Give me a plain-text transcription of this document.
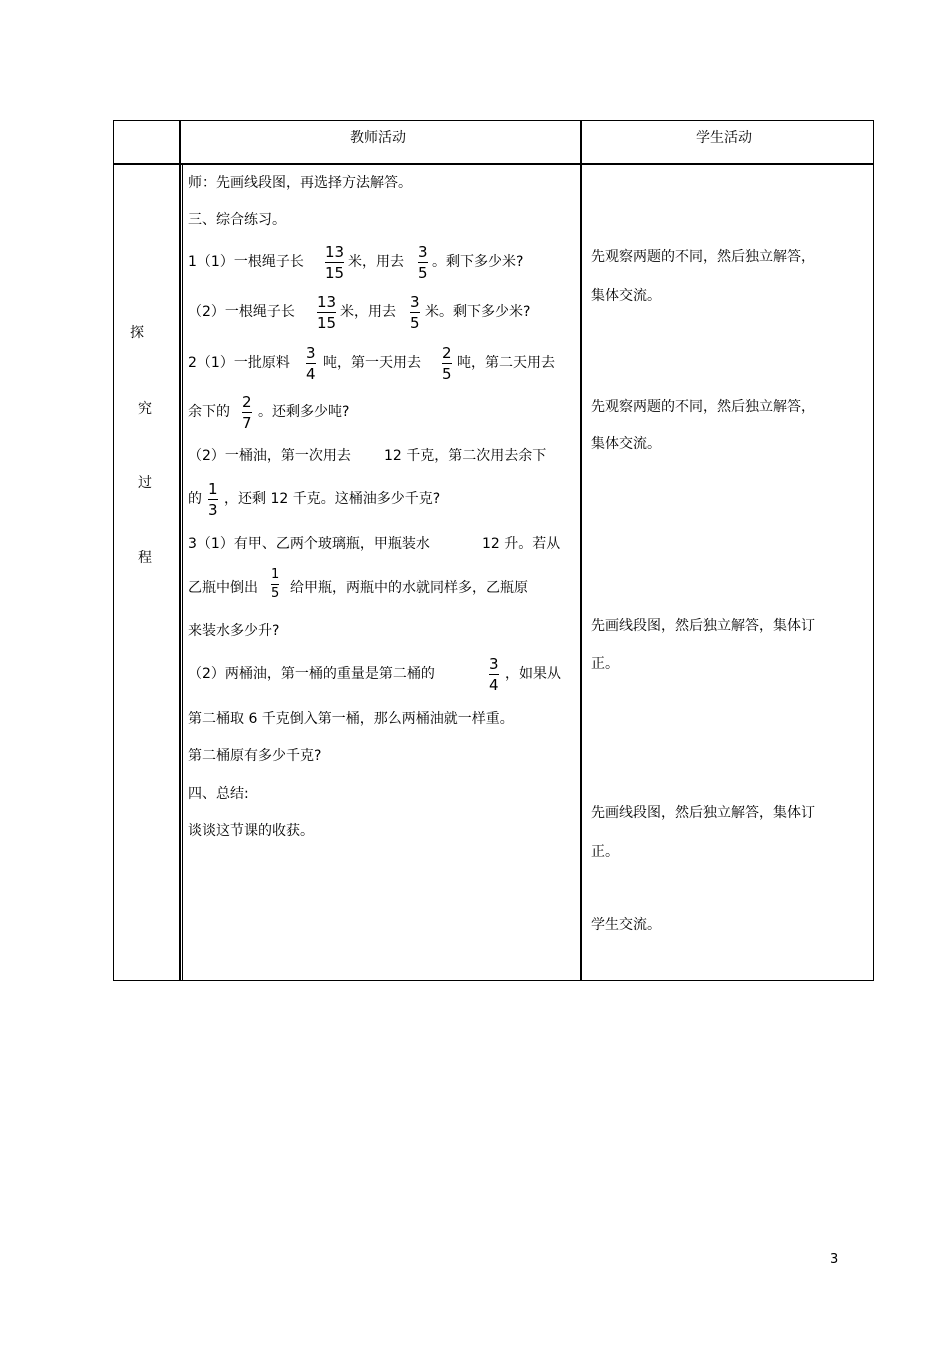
教师活动	学生活动
探
究
过
程
师：先画线段图，再选择方法解答。
三、综合练习。
1（1）一根绳子长
13
15
米，用去
3
5
。剩下多少米?
（2）一根绳子长
13
15
米，用去
3
5
米。剩下多少米?
2（1）一批原料
3
4
吨，第一天用去
2
5
吨，第二天用去
余下的
2
7
。还剩多少吨?
（2）一桶油，第一次用去 12 千克，第二次用去余下
的
1
3
，还剩 12 千克。这桶油多少千克?
3（1）有甲、乙两个玻璃瓶，甲瓶装水	12 升。若从
乙瓶中倒出
1
5 给甲瓶，两瓶中的水就同样多，乙瓶原
来装水多少升?
（2）两桶油，第一桶的重量是第二桶的
3
4
，如果从
第二桶取 6 千克倒入第一桶，那么两桶油就一样重。
第二桶原有多少千克?
四、总结:
谈谈这节课的收获。
先观察两题的不同，然后独立解答，
集体交流。
先观察两题的不同，然后独立解答，
集体交流。
先画线段图，然后独立解答，集体订
正。
先画线段图，然后独立解答，集体订
正。
学生交流。
3
